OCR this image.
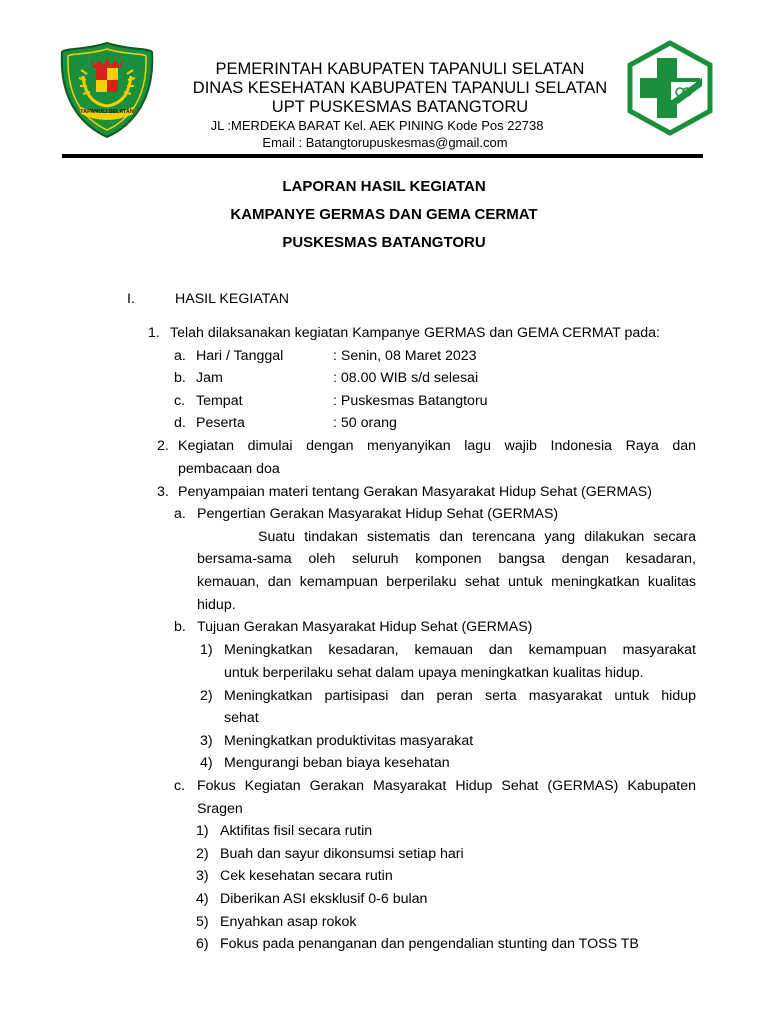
TAPANULI SELATAN
PEMERINTAH KABUPATEN TAPANULI SELATAN
DINAS KESEHATAN KABUPATEN TAPANULI SELATAN
UPT PUSKESMAS BATANGTORU
JL :MERDEKA BARAT Kel. AEK PINING Kode Pos 22738
Email : Batangtorupuskesmas@gmail.com
LAPORAN HASIL KEGIATAN
KAMPANYE GERMAS DAN GEMA CERMAT
PUSKESMAS BATANGTORU
I.	HASIL KEGIATAN
1. Telah dilaksanakan kegiatan Kampanye GERMAS dan GEMA CERMAT pada:
a. Hari / Tanggal	: Senin, 08 Maret 2023
b. Jam	: 08.00 WIB s/d selesai
c. Tempat	: Puskesmas Batangtoru
d. Peserta	: 50 orang
2. Kegiatan dimulai dengan menyanyikan lagu wajib Indonesia Raya dan
pembacaan doa
3. Penyampaian materi tentang Gerakan Masyarakat Hidup Sehat (GERMAS)
a. Pengertian Gerakan Masyarakat Hidup Sehat (GERMAS)
Suatu tindakan sistematis dan terencana yang dilakukan secara
bersama-sama oleh seluruh komponen bangsa dengan kesadaran,
kemauan, dan kemampuan berperilaku sehat untuk meningkatkan kualitas
hidup.
b. Tujuan Gerakan Masyarakat Hidup Sehat (GERMAS)
1) Meningkatkan kesadaran, kemauan dan kemampuan masyarakat
untuk berperilaku sehat dalam upaya meningkatkan kualitas hidup.
2) Meningkatkan partisipasi dan peran serta masyarakat untuk hidup
sehat
3) Meningkatkan produktivitas masyarakat
4) Mengurangi beban biaya kesehatan
c. Fokus Kegiatan Gerakan Masyarakat Hidup Sehat (GERMAS) Kabupaten
Sragen
1) Aktifitas fisil secara rutin
2) Buah dan sayur dikonsumsi setiap hari
3) Cek kesehatan secara rutin
4) Diberikan ASI eksklusif 0-6 bulan
5) Enyahkan asap rokok
6) Fokus pada penanganan dan pengendalian stunting dan TOSS TB
